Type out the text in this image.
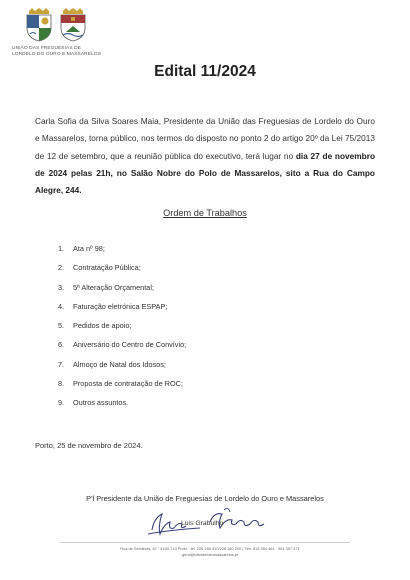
UNIÃO DAS FREGUESIAS DE
LORDELO DO OURO E MASSARELOS
Edital 11/2024
Carla Sofia da Silva Soares Maia, Presidente da União das Freguesias de Lordelo do Ouro e Massarelos, torna público, nos termos do disposto no ponto 2 do artigo 20º da Lei 75/2013 de 12 de setembro, que a reunião pública do executivo, terá lugar no dia 27 de novembro de 2024 pelas 21h, no Salão Nobre do Polo de Massarelos, sito a Rua do Campo Alegre, 244.
Ordem de Trabalhos
1.	Ata nº 98;
2.	Contratação Pública;
3.	5ª Alteração Orçamental;
4.	Faturação eletrónica ESPAP;
5.	Pedidos de apoio;
6.	Aniversário do Centro de Convívio;
7.	Almoço de Natal dos Idosos;
8.	Proposta de contratação de ROC;
9.	Outros assuntos.
Porto, 25 de novembro de 2024.
P'l Presidente da União de Freguesias de Lordelo do Ouro e Massarelos
Luis Grabulho
Rua de Serralves, 87 · 4150-710 Porto · tel. 226 166 910/226 160 200 | Tlm. 913 394 461 · 961 357 471
geral@uflordeloeomassarelos.pt
